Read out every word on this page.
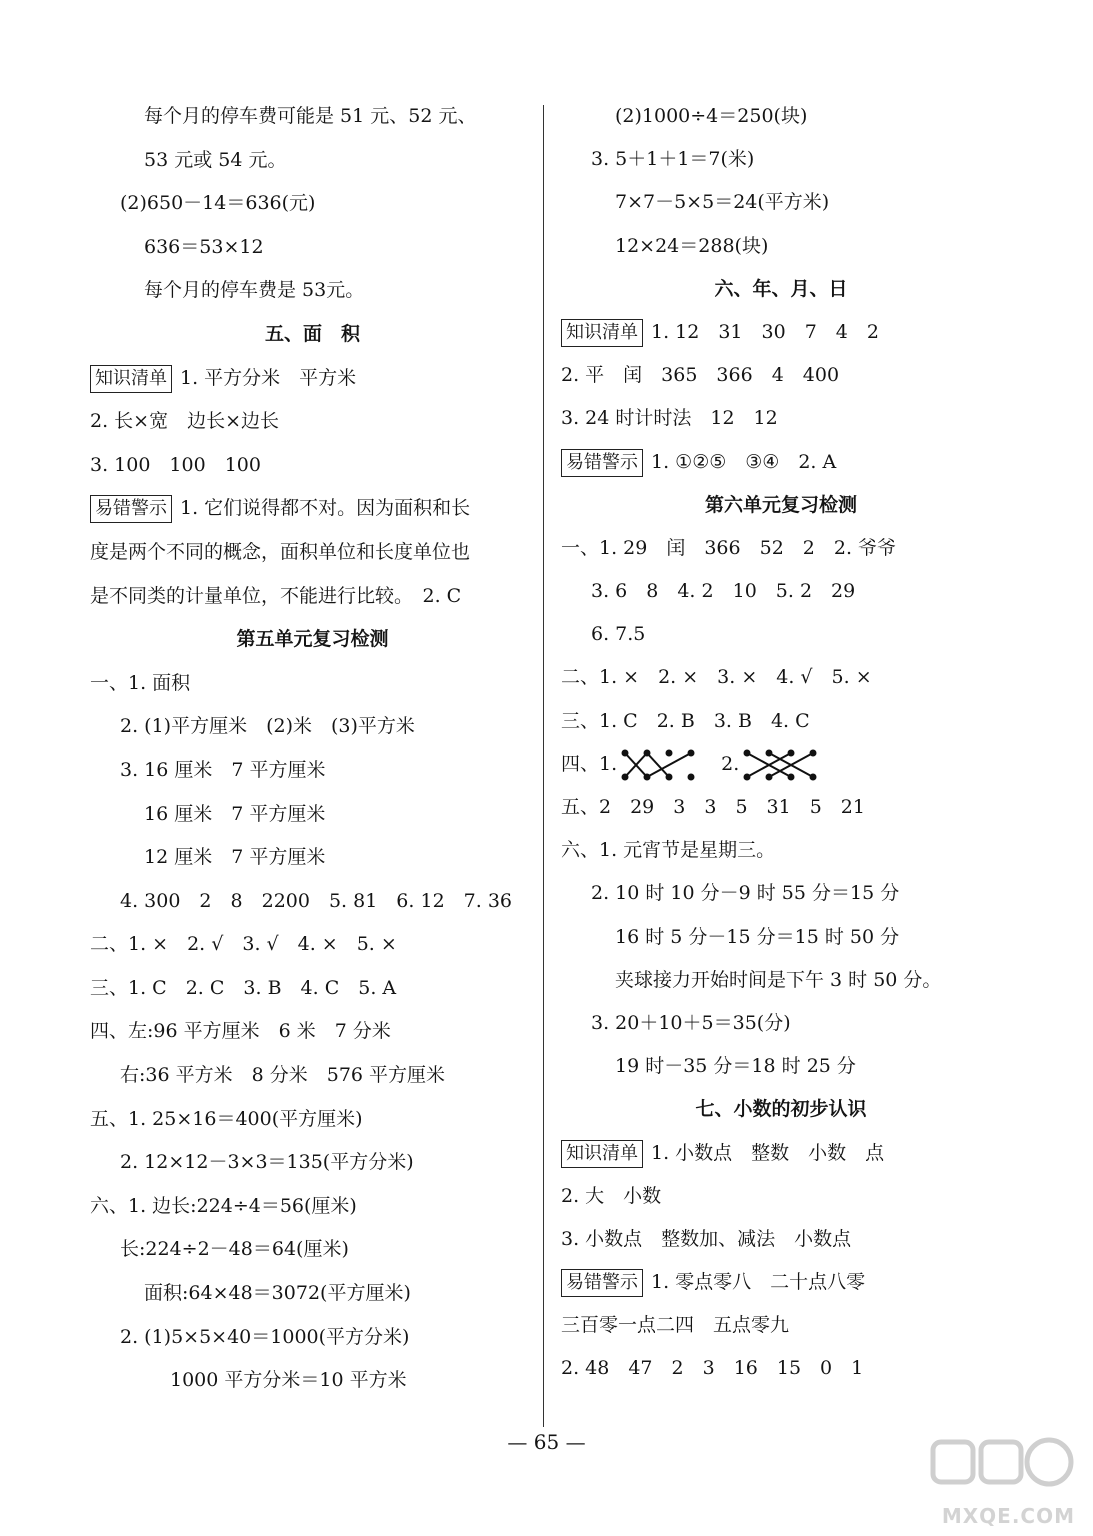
每个月的停车费可能是 51 元、52 元、
53 元或 54 元。
(2)650－14＝636(元)
636＝53×12
每个月的停车费是 53元。
五、面　积
知识清单 1. 平方分米　平方米
2. 长×宽　边长×边长
3. 100　100　100
易错警示 1. 它们说得都不对。因为面积和长
度是两个不同的概念，面积单位和长度单位也
是不同类的计量单位，不能进行比较。　2. C
第五单元复习检测
一、1. 面积
2. (1)平方厘米　(2)米　(3)平方米
3. 16 厘米　7 平方厘米
16 厘米　7 平方厘米
12 厘米　7 平方厘米
4. 300　2　8　2200　5. 81　6. 12　7. 36
二、1. ×　2. √　3. √　4. ×　5. ×
三、1. C　2. C　3. B　4. C　5. A
四、左:96 平方厘米　6 米　7 分米
右:36 平方米　8 分米　576 平方厘米
五、1. 25×16＝400(平方厘米)
2. 12×12－3×3＝135(平方分米)
六、1. 边长:224÷4＝56(厘米)
长:224÷2－48＝64(厘米)
面积:64×48＝3072(平方厘米)
2. (1)5×5×40＝1000(平方分米)
1000 平方分米＝10 平方米
(2)1000÷4＝250(块)
3. 5＋1＋1＝7(米)
7×7－5×5＝24(平方米)
12×24＝288(块)
六、年、月、日
知识清单 1. 12　31　30　7　4　2
2. 平　闰　365　366　4　400
3. 24 时计时法　12　12
易错警示 1. ①②⑤　③④　2. A
第六单元复习检测
一、1. 29　闰　366　52　2　2. 爷爷
3. 6　8　4. 2　10　5. 2　29
6. 7.5
二、1. ×　2. ×　3. ×　4. √　5. ×
三、1. C　2. B　3. B　4. C
四、1.	2.
五、2　29　3　3　5　31　5　21
六、1. 元宵节是星期三。
2. 10 时 10 分－9 时 55 分＝15 分
16 时 5 分－15 分＝15 时 50 分
夹球接力开始时间是下午 3 时 50 分。
3. 20＋10＋5＝35(分)
19 时－35 分＝18 时 25 分
七、小数的初步认识
知识清单 1. 小数点　整数　小数　点
2. 大　小数
3. 小数点　整数加、减法　小数点
易错警示 1. 零点零八　二十点八零
三百零一点二四　五点零九
2. 48　47　2　3　16　15　0　1
— 65 —
MXQE.COM
